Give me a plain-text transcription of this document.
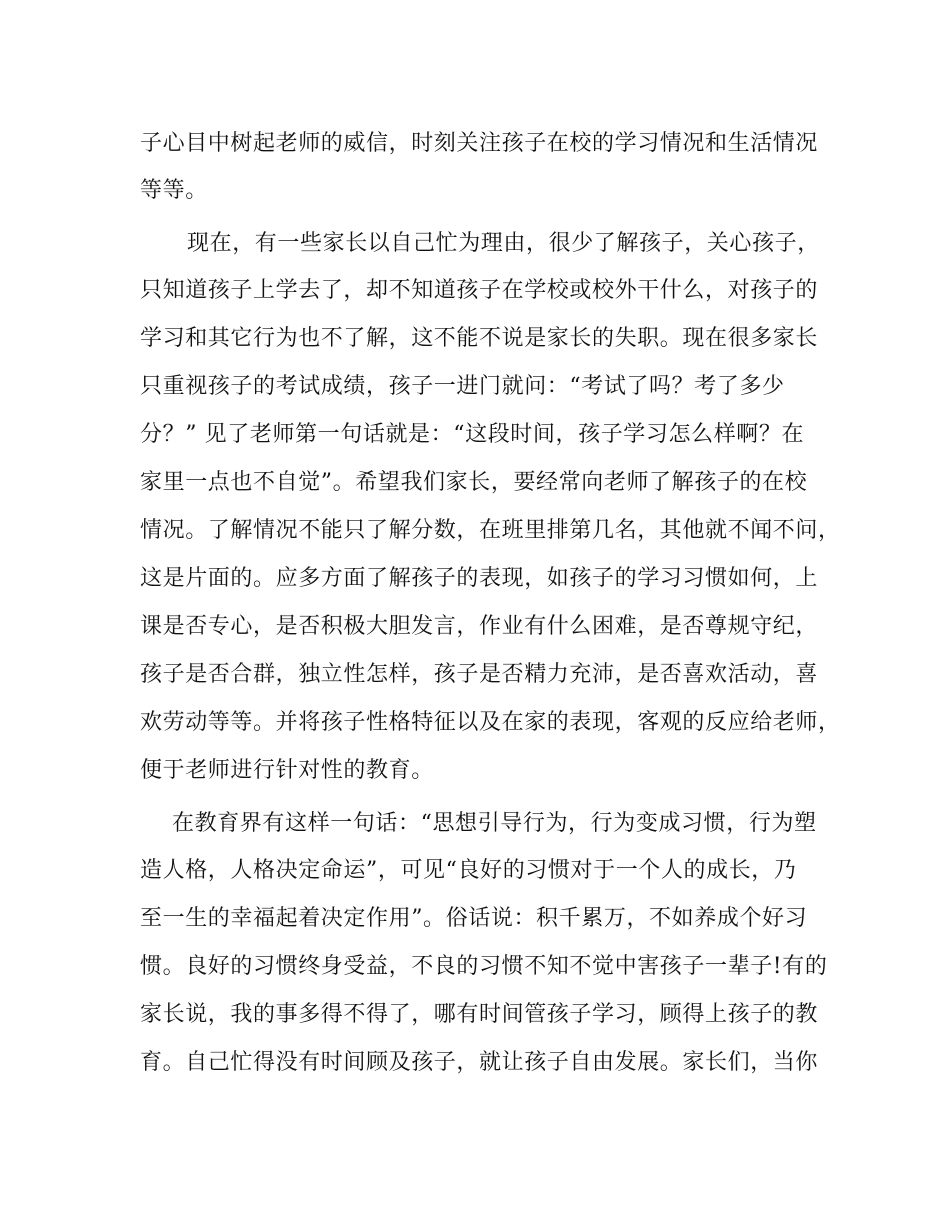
子心目中树起老师的威信，时刻关注孩子在校的学习情况和生活情况
等等。
现在，有一些家长以自己忙为理由，很少了解孩子，关心孩子，
只知道孩子上学去了，却不知道孩子在学校或校外干什么，对孩子的
学习和其它行为也不了解，这不能不说是家长的失职。现在很多家长
只重视孩子的考试成绩，孩子一进门就问：“考试了吗？考了多少
分？” 见了老师第一句话就是：“这段时间，孩子学习怎么样啊？在
家里一点也不自觉”。希望我们家长，要经常向老师了解孩子的在校
情况。了解情况不能只了解分数，在班里排第几名，其他就不闻不问，
这是片面的。应多方面了解孩子的表现，如孩子的学习习惯如何，上
课是否专心，是否积极大胆发言，作业有什么困难，是否尊规守纪，
孩子是否合群，独立性怎样，孩子是否精力充沛，是否喜欢活动，喜
欢劳动等等。并将孩子性格特征以及在家的表现，客观的反应给老师，
便于老师进行针对性的教育。
在教育界有这样一句话：“思想引导行为，行为变成习惯，行为塑
造人格，人格决定命运”，可见“良好的习惯对于一个人的成长，乃
至一生的幸福起着决定作用”。俗话说：积千累万，不如养成个好习
惯。良好的习惯终身受益，不良的习惯不知不觉中害孩子一辈子!有的
家长说，我的事多得不得了，哪有时间管孩子学习，顾得上孩子的教
育。自己忙得没有时间顾及孩子，就让孩子自由发展。家长们，当你
